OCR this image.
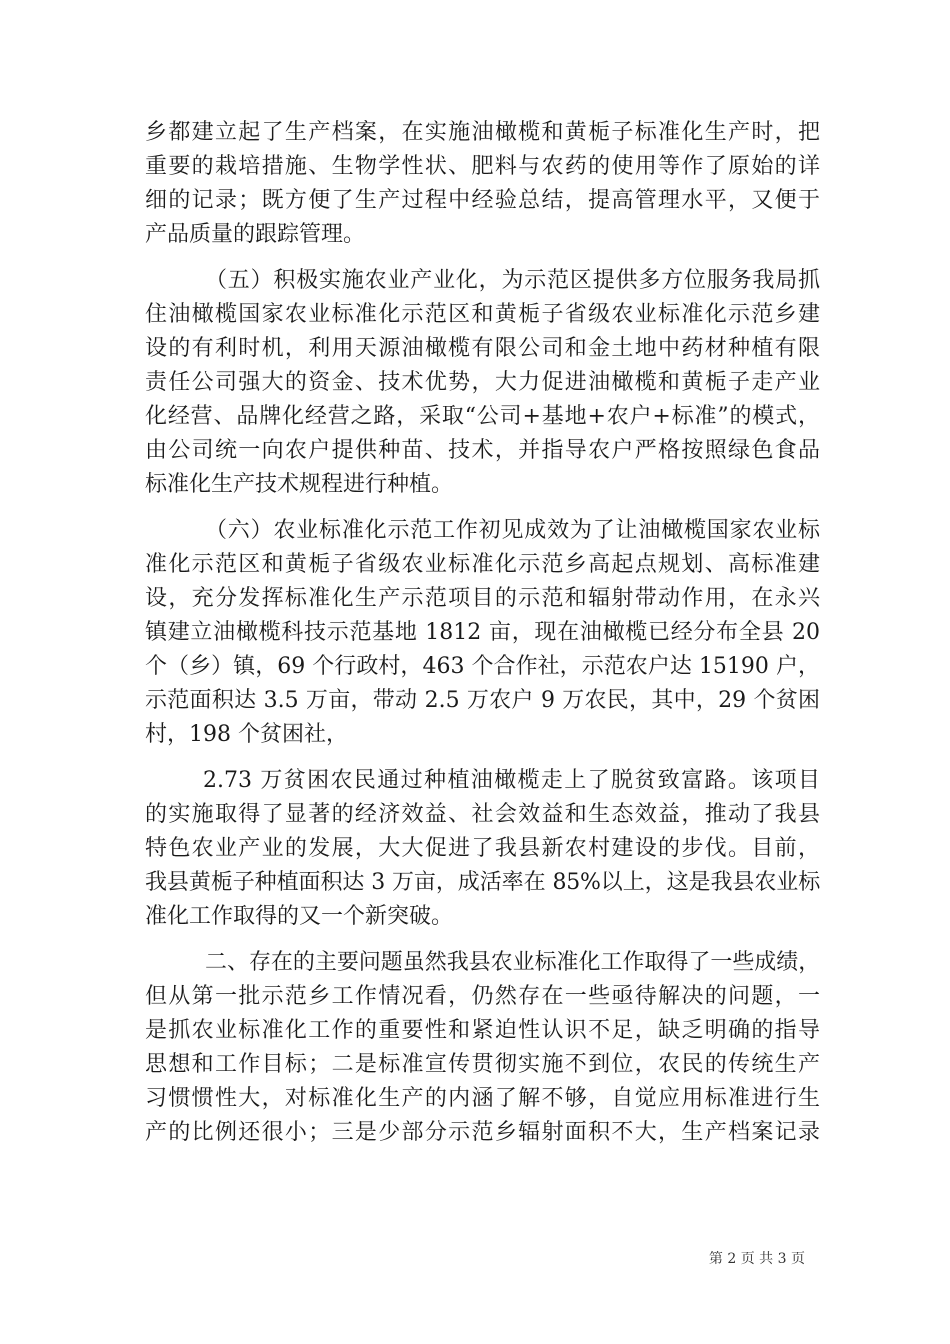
乡都建立起了生产档案，在实施油橄榄和黄栀子标准化生产时，把
重要的栽培措施、生物学性状、肥料与农药的使用等作了原始的详
细的记录；既方便了生产过程中经验总结，提高管理水平，又便于
产品质量的跟踪管理。
（五）积极实施农业产业化，为示范区提供多方位服务我局抓
住油橄榄国家农业标准化示范区和黄栀子省级农业标准化示范乡建
设的有利时机，利用天源油橄榄有限公司和金土地中药材种植有限
责任公司强大的资金、技术优势，大力促进油橄榄和黄栀子走产业
化经营、品牌化经营之路，采取“公司+基地+农户+标准”的模式，
由公司统一向农户提供种苗、技术，并指导农户严格按照绿色食品
标准化生产技术规程进行种植。
（六）农业标准化示范工作初见成效为了让油橄榄国家农业标
准化示范区和黄栀子省级农业标准化示范乡高起点规划、高标准建
设，充分发挥标准化生产示范项目的示范和辐射带动作用，在永兴
镇建立油橄榄科技示范基地 1812 亩，现在油橄榄已经分布全县 20
个（乡）镇，69 个行政村，463 个合作社，示范农户达 15190 户，
示范面积达 3.5 万亩，带动 2.5 万农户 9 万农民，其中，29 个贫困
村，198 个贫困社，
2.73 万贫困农民通过种植油橄榄走上了脱贫致富路。该项目
的实施取得了显著的经济效益、社会效益和生态效益，推动了我县
特色农业产业的发展，大大促进了我县新农村建设的步伐。目前，
我县黄栀子种植面积达 3 万亩，成活率在 85%以上，这是我县农业标
准化工作取得的又一个新突破。
二、存在的主要问题虽然我县农业标准化工作取得了一些成绩，
但从第一批示范乡工作情况看，仍然存在一些亟待解决的问题，一
是抓农业标准化工作的重要性和紧迫性认识不足，缺乏明确的指导
思想和工作目标；二是标准宣传贯彻实施不到位，农民的传统生产
习惯惯性大，对标准化生产的内涵了解不够，自觉应用标准进行生
产的比例还很小；三是少部分示范乡辐射面积不大，生产档案记录
第 2 页 共 3 页
